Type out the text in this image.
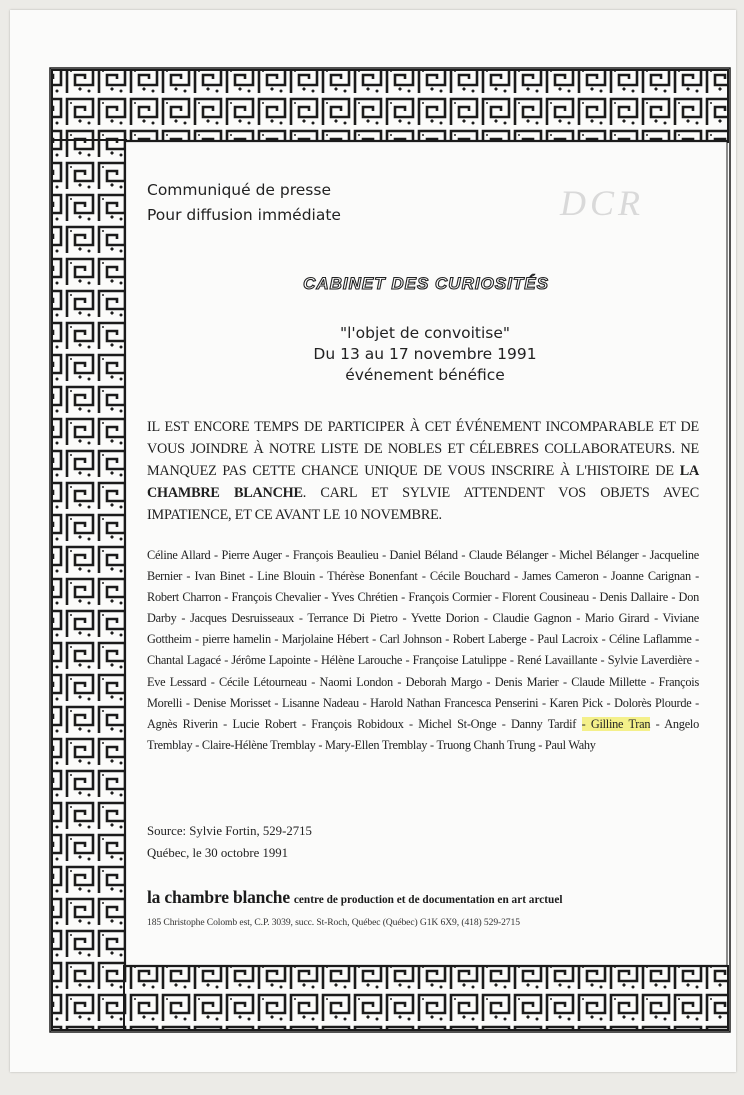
DCR
Communiqué de presse
Pour diffusion immédiate
CABINET DES CURIOSITÉS
"l'objet de convoitise"
Du 13 au 17 novembre 1991
événement bénéfice
IL EST ENCORE TEMPS DE PARTICIPER À CET ÉVÉNEMENT INCOMPARABLE ET DE VOUS JOINDRE À NOTRE LISTE DE NOBLES ET CÉLEBRES COLLABORATEURS. NE MANQUEZ PAS CETTE CHANCE UNIQUE DE VOUS INSCRIRE À L'HISTOIRE DE LA CHAMBRE BLANCHE. CARL ET SYLVIE ATTENDENT VOS OBJETS AVEC IMPATIENCE, ET CE AVANT LE 10 NOVEMBRE.
Céline Allard - Pierre Auger - François Beaulieu - Daniel Béland - Claude Bélanger - Michel Bélanger - Jacqueline Bernier - Ivan Binet - Line Blouin - Thérèse Bonenfant - Cécile Bouchard - James Cameron - Joanne Carignan - Robert Charron - François Chevalier - Yves Chrétien - François Cormier - Florent Cousineau - Denis Dallaire - Don Darby - Jacques Desruisseaux - Terrance Di Pietro - Yvette Dorion - Claudie Gagnon - Mario Girard - Viviane Gottheim - pierre hamelin - Marjolaine Hébert - Carl Johnson - Robert Laberge - Paul Lacroix - Céline Laflamme - Chantal Lagacé - Jérôme Lapointe - Hélène Larouche - Françoise Latulippe - René Lavaillante - Sylvie Laverdière - Eve Lessard - Cécile Létourneau - Naomi London - Deborah Margo - Denis Marier - Claude Millette - François Morelli - Denise Morisset - Lisanne Nadeau - Harold Nathan Francesca Penserini - Karen Pick - Dolorès Plourde - Agnès Riverin - Lucie Robert - François Robidoux - Michel St-Onge - Danny Tardif - Gilline Tran - Angelo Tremblay - Claire-Hélène Tremblay - Mary-Ellen Tremblay - Truong Chanh Trung - Paul Wahy
Source: Sylvie Fortin, 529-2715
Québec, le 30 octobre 1991
la chambre blanche centre de production et de documentation en art arctuel
185 Christophe Colomb est, C.P. 3039, succ. St-Roch, Québec (Québec) G1K 6X9, (418) 529-2715
